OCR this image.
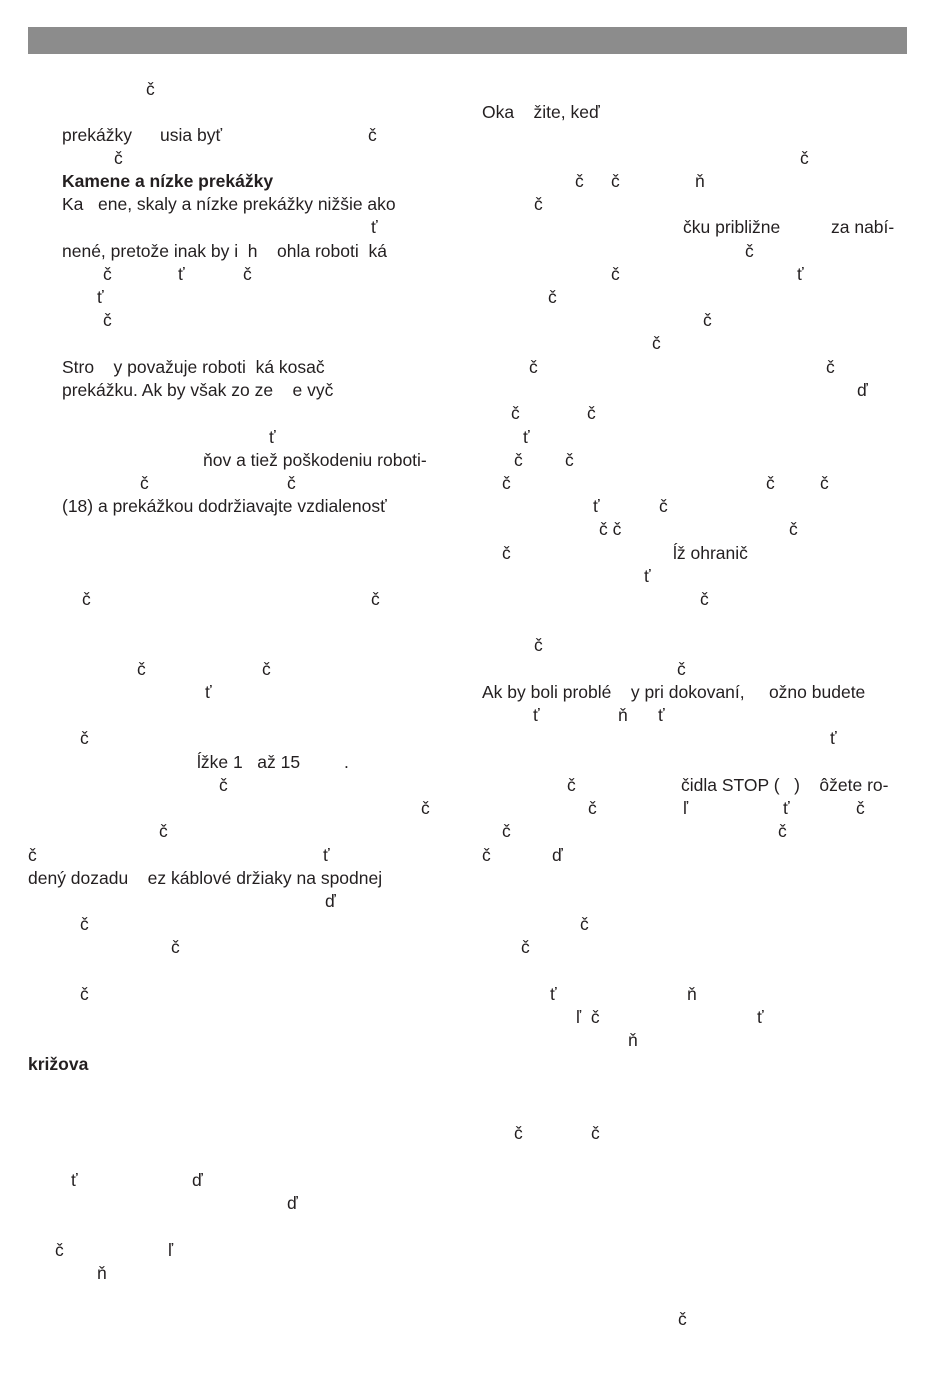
č
prekážky usia byť	č
č
Kamene a nízke prekážky
Ka   ene, skaly a nízke prekážky nižšie ako
ť
nené, pretože inak by i  h    ohla roboti  ká
č	ť	č
ť
č
Stro    y považuje roboti  ká kosač
prekážku. Ak by však zo ze    e vyč
ť
ňov a tiež poškodeniu roboti-
č	č
(18) a prekážkou dodržiavajte vzdialenosť
č	č
č	č
ť
č
ĺžke 1   až 15	.
č
č
č
č	ť
dený dozadu    ez káblové držiaky na spodnej
ď
č
č
č
križova
ť	ď
ď
č	ľ
ň
Oka    žite, keď
č
č č	ň
č
čku približne	za nabí-
č
č	ť
č
č
č
č	č
ď
č	č
ť
č č
č	č	č
ť	č
č č	č
č	ĺž ohranič
ť
č
č
č
Ak by boli problé    y pri dokovaní,     ožno budete
ť	ň ť
ť
č	čidla STOP (   )    ôžete ro-
č	ľ	ť	č
č	č
č	ď
č
č
ť	ň
ľ  č	ť
ň
č	č
č
